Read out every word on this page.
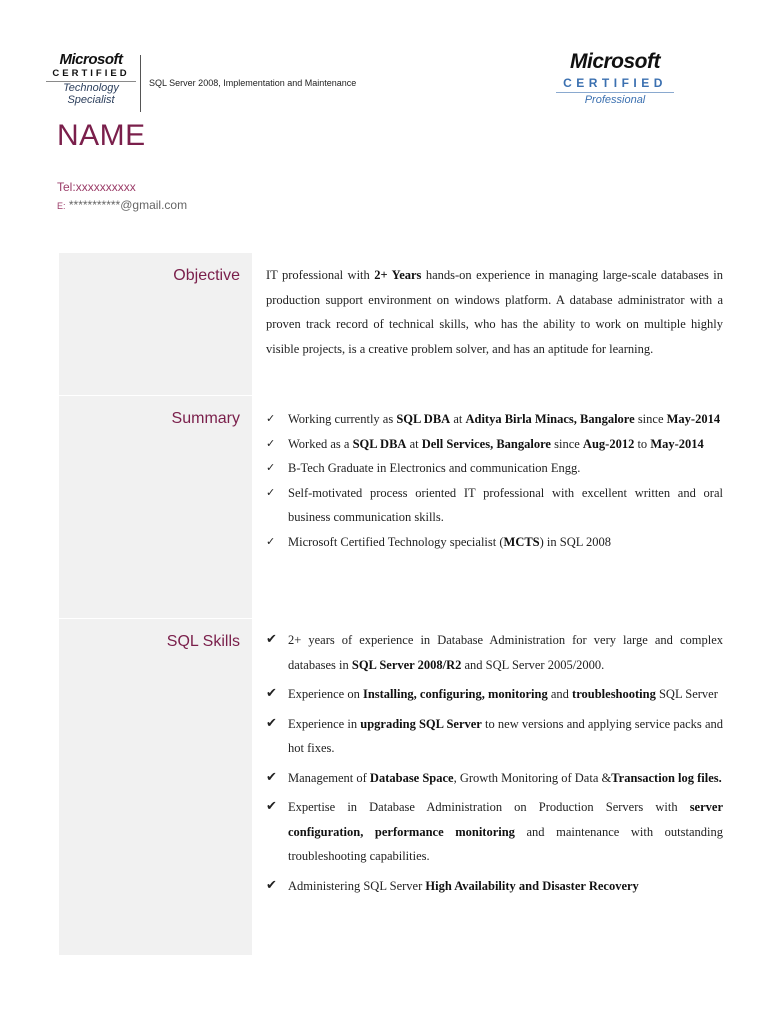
Microsoft
CERTIFIED
Technology
Specialist
SQL Server 2008, Implementation and Maintenance
Microsoft
CERTIFIED
Professional
NAME
Tel:xxxxxxxxxx
E: ***********@gmail.com
Objective	IT professional with 2+ Years hands-on experience in managing large-scale databases in production support environment on windows platform. A database administrator with a proven track record of technical skills, who has the ability to work on multiple highly visible projects, is a creative problem solver, and has an aptitude for learning.
Summary	✓ Working currently as SQL DBA at Aditya Birla Minacs, Bangalore since May-2014
✓ Worked as a SQL DBA at Dell Services, Bangalore since Aug-2012 to May-2014
✓ B-Tech Graduate in Electronics and communication Engg.
✓ Self-motivated process oriented IT professional with excellent written and oral business communication skills.
✓ Microsoft Certified Technology specialist (MCTS) in SQL 2008
SQL Skills	✔ 2+ years of experience in Database Administration for very large and complex databases in SQL Server 2008/R2 and SQL Server 2005/2000.
✔ Experience on Installing, configuring, monitoring and troubleshooting SQL Server
✔ Experience in upgrading SQL Server to new versions and applying service packs and hot fixes.
✔ Management of Database Space, Growth Monitoring of Data &Transaction log files.
✔ Expertise in Database Administration on Production Servers with server configuration, performance monitoring and maintenance with outstanding troubleshooting capabilities.
✔ Administering SQL Server High Availability and Disaster Recovery
